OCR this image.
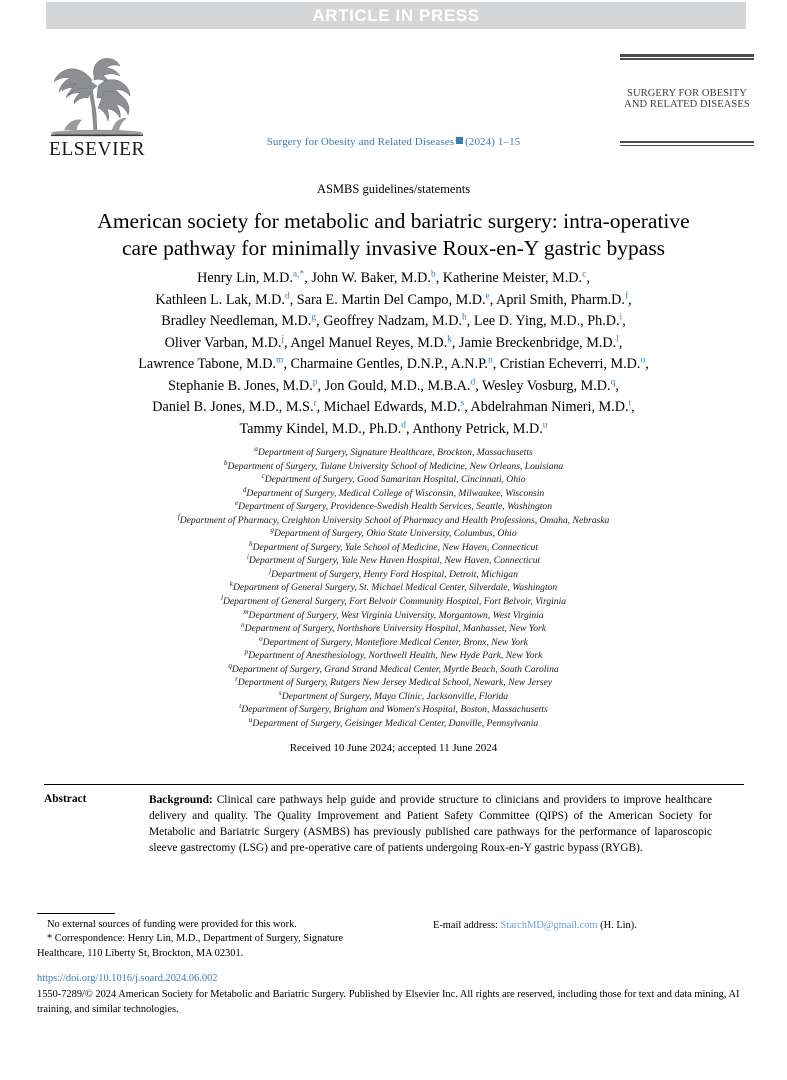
ARTICLE IN PRESS
ELSEVIER	Surgery for Obesity and Related Diseases (2024) 1–15
SURGERY FOR OBESITY
AND RELATED DISEASES
ASMBS guidelines/statements
American society for metabolic and bariatric surgery: intra-operative
care pathway for minimally invasive Roux-en-Y gastric bypass
Henry Lin, M.D.$^{a,*}$, John W. Baker, M.D.$^b$, Katherine Meister, M.D.$^c$,
Kathleen L. Lak, M.D.$^d$, Sara E. Martin Del Campo, M.D.$^e$, April Smith, Pharm.D.$^f$,
Bradley Needleman, M.D.$^g$, Geoffrey Nadzam, M.D.$^h$, Lee D. Ying, M.D., Ph.D.$^i$,
Oliver Varban, M.D.$^j$, Angel Manuel Reyes, M.D.$^k$, Jamie Breckenbridge, M.D.$^l$,
Lawrence Tabone, M.D.$^m$, Charmaine Gentles, D.N.P., A.N.P.$^n$, Cristian Echeverri, M.D.$^o$,
Stephanie B. Jones, M.D.$^p$, Jon Gould, M.D., M.B.A.$^d$, Wesley Vosburg, M.D.$^q$,
Daniel B. Jones, M.D., M.S.$^r$, Michael Edwards, M.D.$^s$, Abdelrahman Nimeri, M.D.$^t$,
Tammy Kindel, M.D., Ph.D.$^d$, Anthony Petrick, M.D.$^u$
$^a$Department of Surgery, Signature Healthcare, Brockton, Massachusetts
$^b$Department of Surgery, Tulane University School of Medicine, New Orleans, Louisiana
$^c$Department of Surgery, Good Samaritan Hospital, Cincinnati, Ohio
$^d$Department of Surgery, Medical College of Wisconsin, Milwaukee, Wisconsin
$^e$Department of Surgery, Providence-Swedish Health Services, Seattle, Washington
$^f$Department of Pharmacy, Creighton University School of Pharmacy and Health Professions, Omaha, Nebraska
$^g$Department of Surgery, Ohio State University, Columbus, Ohio
$^h$Department of Surgery, Yale School of Medicine, New Haven, Connecticut
$^i$Department of Surgery, Yale New Haven Hospital, New Haven, Connecticut
$^j$Department of Surgery, Henry Ford Hospital, Detroit, Michigan
$^k$Department of General Surgery, St. Michael Medical Center, Silverdale, Washington
$^l$Department of General Surgery, Fort Belvoir Community Hospital, Fort Belvoir, Virginia
$^m$Department of Surgery, West Virginia University, Morgantown, West Virginia
$^n$Department of Surgery, Northshore University Hospital, Manhasset, New York
$^o$Department of Surgery, Montefiore Medical Center, Bronx, New York
$^p$Department of Anesthesiology, Northwell Health, New Hyde Park, New York
$^q$Department of Surgery, Grand Strand Medical Center, Myrtle Beach, South Carolina
$^r$Department of Surgery, Rutgers New Jersey Medical School, Newark, New Jersey
$^s$Department of Surgery, Mayo Clinic, Jacksonville, Florida
$^t$Department of Surgery, Brigham and Women's Hospital, Boston, Massachusetts
$^u$Department of Surgery, Geisinger Medical Center, Danville, Pennsylvania
Received 10 June 2024; accepted 11 June 2024
Abstract	Background: Clinical care pathways help guide and provide structure to clinicians and providers to improve healthcare delivery and quality. The Quality Improvement and Patient Safety Committee (QIPS) of the American Society for Metabolic and Bariatric Surgery (ASMBS) has previously published care pathways for the performance of laparoscopic sleeve gastrectomy (LSG) and pre-operative care of patients undergoing Roux-en-Y gastric bypass (RYGB).

No external sources of funding were provided for this work.

* Correspondence: Henry Lin, M.D., Department of Surgery, Signature

Healthcare, 110 Liberty St, Brockton, MA 02301.

E-mail address: StarchMD@gmail.com (H. Lin).
https://doi.org/10.1016/j.soard.2024.06.002
1550-7289/© 2024 American Society for Metabolic and Bariatric Surgery. Published by Elsevier Inc. All rights are reserved, including those for text and data mining, AI training, and similar technologies.
